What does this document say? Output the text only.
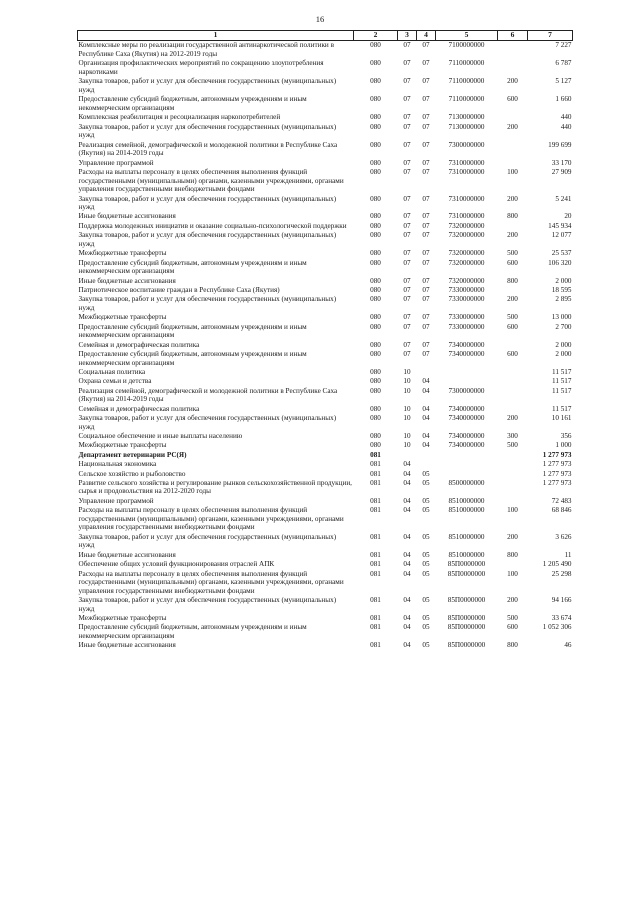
16
1	2	3	4	5	6	7
Комплексные меры по реализации государственной антинаркотической политики в Республике Саха (Якутия) на 2012-2019 годы	080	07	07	7100000000		7 227
Организация профилактических мероприятий по сокращению злоупотребления наркотиками	080	07	07	7110000000		6 787
Закупка товаров, работ и услуг для обеспечения государственных (муниципальных) нужд	080	07	07	7110000000	200	5 127
Предоставление субсидий бюджетным, автономным учреждениям и иным некоммерческим организациям	080	07	07	7110000000	600	1 660
Комплексная реабилитация и ресоциализация наркопотребителей	080	07	07	7130000000		440
Закупка товаров, работ и услуг для обеспечения государственных (муниципальных) нужд	080	07	07	7130000000	200	440
Реализация семейной, демографической и молодежной политики в Республике Саха (Якутия) на 2014-2019 годы	080	07	07	7300000000		199 699
Управление программой	080	07	07	7310000000		33 170
Расходы на выплаты персоналу в целях обеспечения выполнения функций государственными (муниципальными) органами, казенными учреждениями, органами управления государственными внебюджетными фондами	080	07	07	7310000000	100	27 909
Закупка товаров, работ и услуг для обеспечения государственных (муниципальных) нужд	080	07	07	7310000000	200	5 241
Иные бюджетные ассигнования	080	07	07	7310000000	800	20
Поддержка молодежных инициатив и оказание социально-психологической поддержки	080	07	07	7320000000		145 934
Закупка товаров, работ и услуг для обеспечения государственных (муниципальных) нужд	080	07	07	7320000000	200	12 077
Межбюджетные трансферты	080	07	07	7320000000	500	25 537
Предоставление субсидий бюджетным, автономным учреждениям и иным некоммерческим организациям	080	07	07	7320000000	600	106 320
Иные бюджетные ассигнования	080	07	07	7320000000	800	2 000
Патриотическое воспитание граждан в Республике Саха (Якутия)	080	07	07	7330000000		18 595
Закупка товаров, работ и услуг для обеспечения государственных (муниципальных) нужд	080	07	07	7330000000	200	2 895
Межбюджетные трансферты	080	07	07	7330000000	500	13 000
Предоставление субсидий бюджетным, автономным учреждениям и иным некоммерческим организациям	080	07	07	7330000000	600	2 700
Семейная и демографическая политика	080	07	07	7340000000		2 000
Предоставление субсидий бюджетным, автономным учреждениям и иным некоммерческим организациям	080	07	07	7340000000	600	2 000
Социальная политика	080	10				11 517
Охрана семьи и детства	080	10	04			11 517
Реализация семейной, демографической и молодежной политики в Республике Саха (Якутия) на 2014-2019 годы	080	10	04	7300000000		11 517
Семейная и демографическая политика	080	10	04	7340000000		11 517
Закупка товаров, работ и услуг для обеспечения государственных (муниципальных) нужд	080	10	04	7340000000	200	10 161
Социальное обеспечение и иные выплаты населению	080	10	04	7340000000	300	356
Межбюджетные трансферты	080	10	04	7340000000	500	1 000
Департамент ветеринарии РС(Я)	081					1 277 973
Национальная экономика	081	04				1 277 973
Сельское хозяйство и рыболовство	081	04	05			1 277 973
Развитие сельского хозяйства и регулирование рынков сельскохозяйственной продукции, сырья и продовольствия на 2012-2020 годы	081	04	05	8500000000		1 277 973
Управление программой	081	04	05	8510000000		72 483
Расходы на выплаты персоналу в целях обеспечения выполнения функций государственными (муниципальными) органами, казенными учреждениями, органами управления государственными внебюджетными фондами	081	04	05	8510000000	100	68 846
Закупка товаров, работ и услуг для обеспечения государственных (муниципальных) нужд	081	04	05	8510000000	200	3 626
Иные бюджетные ассигнования	081	04	05	8510000000	800	11
Обеспечение общих условий функционирования отраслей АПК	081	04	05	85П0000000		1 205 490
Расходы на выплаты персоналу в целях обеспечения выполнения функций государственными (муниципальными) органами, казенными учреждениями, органами управления государственными внебюджетными фондами	081	04	05	85П0000000	100	25 298
Закупка товаров, работ и услуг для обеспечения государственных (муниципальных) нужд	081	04	05	85П0000000	200	94 166
Межбюджетные трансферты	081	04	05	85П0000000	500	33 674
Предоставление субсидий бюджетным, автономным учреждениям и иным некоммерческим организациям	081	04	05	85П0000000	600	1 052 306
Иные бюджетные ассигнования	081	04	05	85П0000000	800	46
